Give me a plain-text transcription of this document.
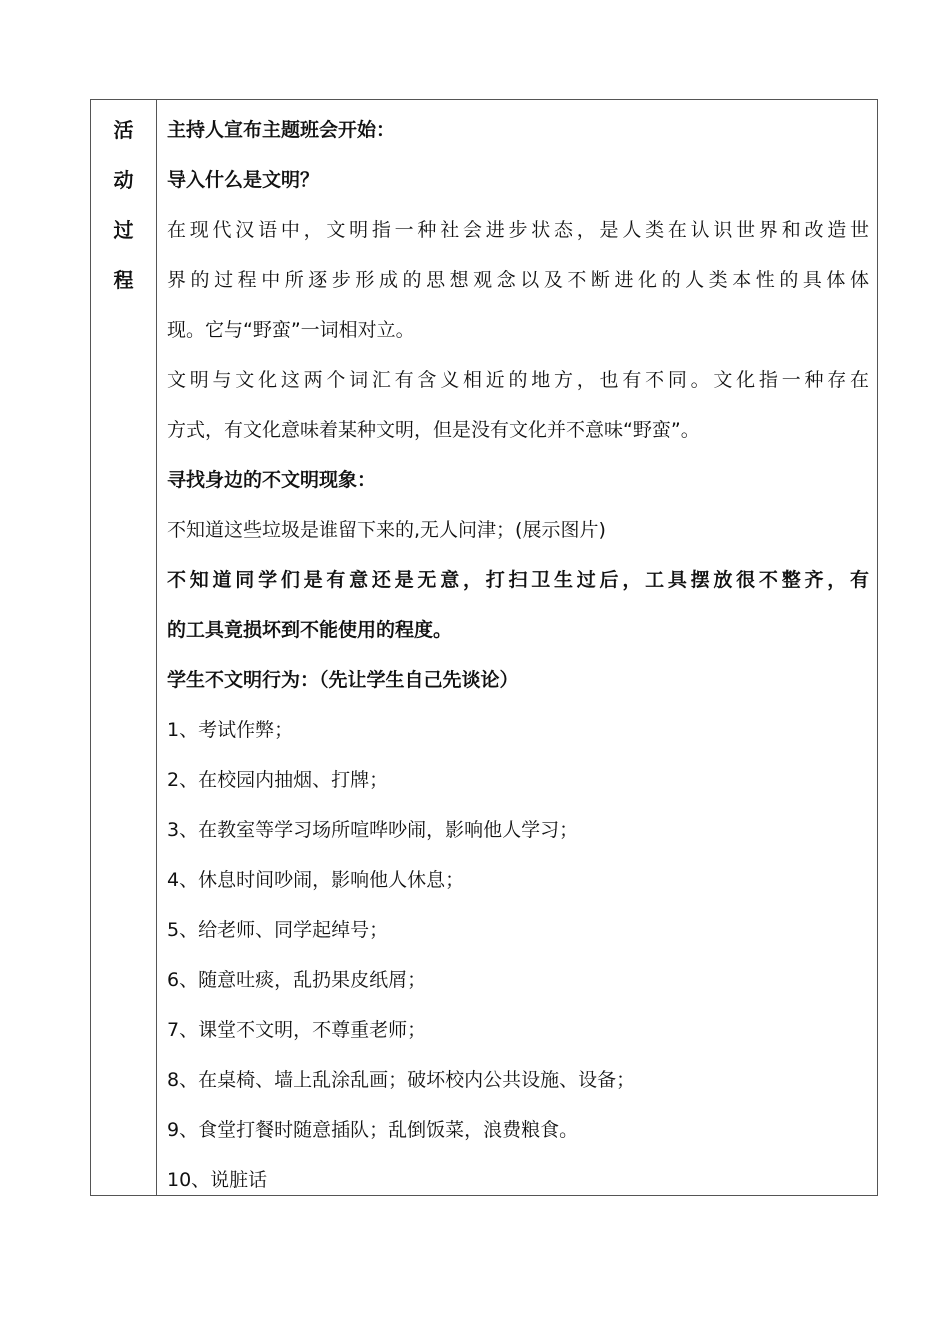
活
动
过
程
主持人宣布主题班会开始：
导入什么是文明？
在现代汉语中，文明指一种社会进步状态，是人类在认识世界和改造世
界的过程中所逐步形成的思想观念以及不断进化的人类本性的具体体
现。它与“野蛮”一词相对立。
文明与文化这两个词汇有含义相近的地方，也有不同。文化指一种存在
方式，有文化意味着某种文明，但是没有文化并不意味“野蛮”。
寻找身边的不文明现象：
不知道这些垃圾是谁留下来的,无人问津；(展示图片)
不知道同学们是有意还是无意，打扫卫生过后，工具摆放很不整齐，有
的工具竟损坏到不能使用的程度。
学生不文明行为：（先让学生自己先谈论）
1、考试作弊；
2、在校园内抽烟、打牌；
3、在教室等学习场所喧哗吵闹，影响他人学习；
4、休息时间吵闹，影响他人休息；
5、给老师、同学起绰号；
6、随意吐痰，乱扔果皮纸屑；
7、课堂不文明，不尊重老师；
8、在桌椅、墙上乱涂乱画；破坏校内公共设施、设备；
9、食堂打餐时随意插队；乱倒饭菜，浪费粮食。
10、说脏话
